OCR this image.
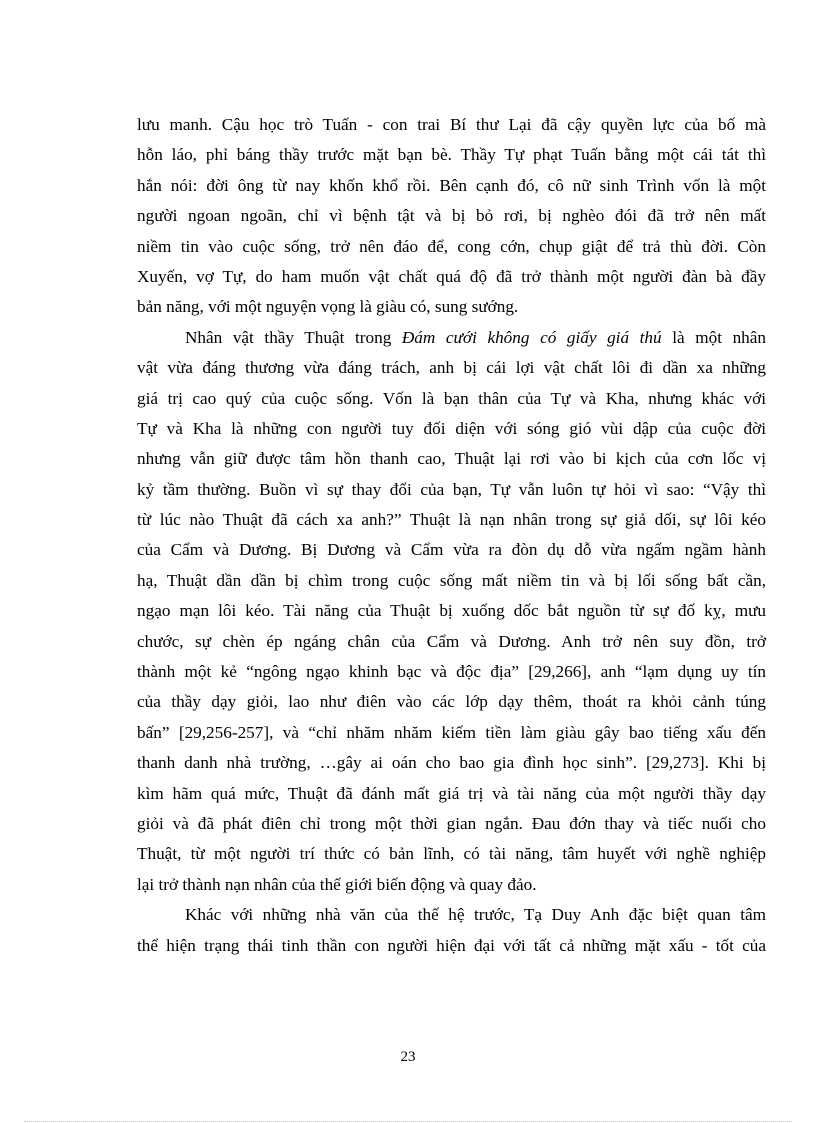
lưu manh. Cậu học trò Tuấn - con trai Bí thư Lại đã cậy quyền lực của bố mà
hỗn láo, phỉ báng thầy trước mặt bạn bè. Thầy Tự phạt Tuấn bằng một cái tát thì
hắn nói: đời ông từ nay khốn khổ rồi. Bên cạnh đó, cô nữ sinh Trình vốn là một
người ngoan ngoãn, chỉ vì bệnh tật và bị bỏ rơi, bị nghèo đói đã trở nên mất
niềm tin vào cuộc sống, trở nên đáo để, cong cớn, chụp giật để trả thù đời. Còn
Xuyến, vợ Tự, do ham muốn vật chất quá độ đã trở thành một người đàn bà đầy
bản năng, với một nguyện vọng là giàu có, sung sướng.
Nhân vật thầy Thuật trong Đám cưới không có giấy giá thú là một nhân
vật vừa đáng thương vừa đáng trách, anh bị cái lợi vật chất lôi đi dần xa những
giá trị cao quý của cuộc sống. Vốn là bạn thân của Tự và Kha, nhưng khác với
Tự và Kha là những con người tuy đối diện với sóng gió vùi dập của cuộc đời
nhưng vẫn giữ được tâm hồn thanh cao, Thuật lại rơi vào bi kịch của cơn lốc vị
kỷ tầm thường. Buồn vì sự thay đổi của bạn, Tự vẫn luôn tự hỏi vì sao: “Vậy thì
từ lúc nào Thuật đã cách xa anh?” Thuật là nạn nhân trong sự giả dối, sự lôi kéo
của Cẩm và Dương. Bị Dương và Cẩm vừa ra đòn dụ dỗ vừa ngấm ngầm hành
hạ, Thuật dần dần bị chìm trong cuộc sống mất niềm tin và bị lối sống bất cần,
ngạo mạn lôi kéo. Tài năng của Thuật bị xuống dốc bắt nguồn từ sự đố kỵ, mưu
chước, sự chèn ép ngáng chân của Cẩm và Dương. Anh trở nên suy đồn, trở
thành một kẻ “ngông ngạo khinh bạc và độc địa” [29,266], anh “lạm dụng uy tín
của thầy dạy giỏi, lao như điên vào các lớp dạy thêm, thoát ra khỏi cảnh túng
bấn” [29,256-257], và “chỉ nhăm nhăm kiếm tiền làm giàu gây bao tiếng xấu đến
thanh danh nhà trường, …gây ai oán cho bao gia đình học sinh”. [29,273]. Khi bị
kìm hãm quá mức, Thuật đã đánh mất giá trị và tài năng của một người thầy dạy
giỏi và đã phát điên chỉ trong một thời gian ngắn. Đau đớn thay và tiếc nuối cho
Thuật, từ một người trí thức có bản lĩnh, có tài năng, tâm huyết với nghề nghiệp
lại trở thành nạn nhân của thế giới biến động và quay đảo.
Khác với những nhà văn của thế hệ trước, Tạ Duy Anh đặc biệt quan tâm
thể hiện trạng thái tinh thần con người hiện đại với tất cả những mặt xấu - tốt của
23
